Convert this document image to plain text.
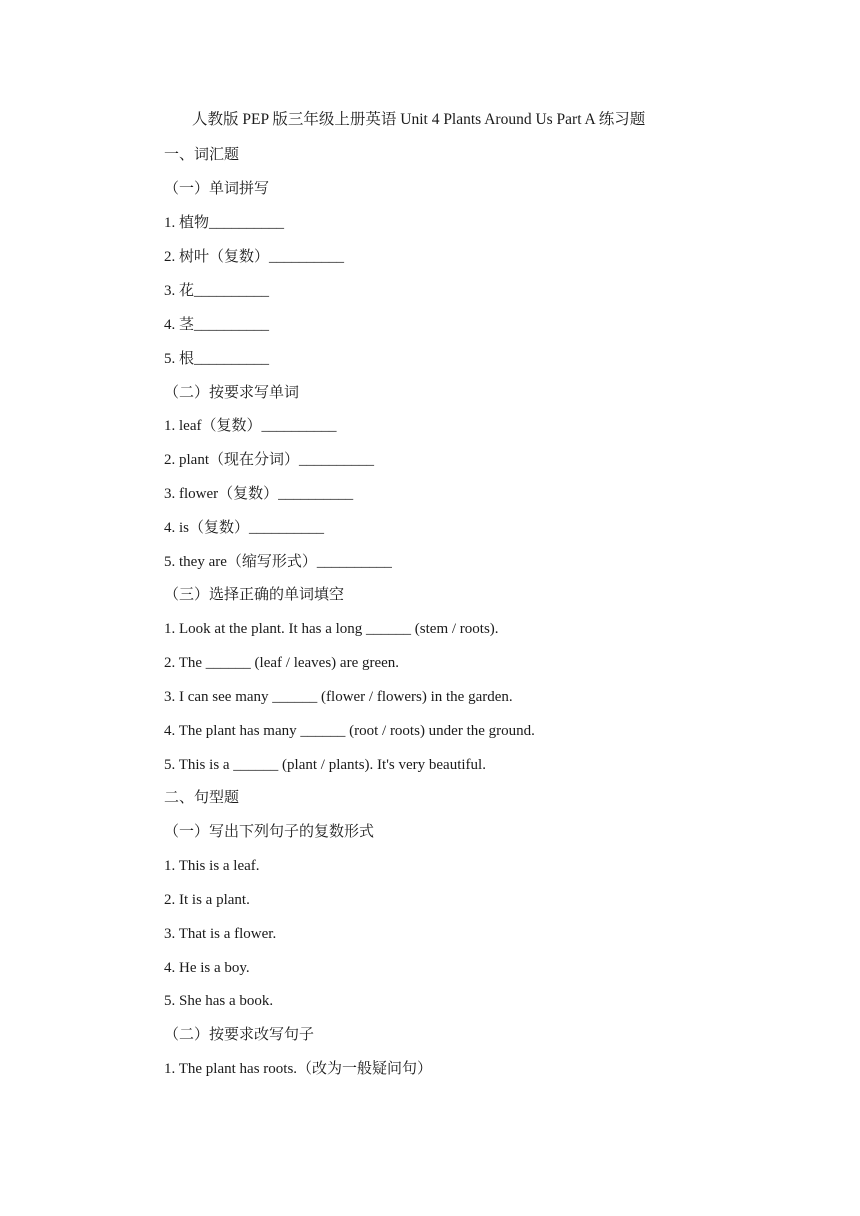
人教版 PEP 版三年级上册英语 Unit 4 Plants Around Us Part A 练习题
一、词汇题
（一）单词拼写
1. 植物__________
2. 树叶（复数）__________
3. 花__________
4. 茎__________
5. 根__________
（二）按要求写单词
1. leaf（复数）__________
2. plant（现在分词）__________
3. flower（复数）__________
4. is（复数）__________
5. they are（缩写形式）__________
（三）选择正确的单词填空
1. Look at the plant. It has a long ______ (stem / roots).
2. The ______ (leaf / leaves) are green.
3. I can see many ______ (flower / flowers) in the garden.
4. The plant has many ______ (root / roots) under the ground.
5. This is a ______ (plant / plants). It's very beautiful.
二、句型题
（一）写出下列句子的复数形式
1. This is a leaf.
2. It is a plant.
3. That is a flower.
4. He is a boy.
5. She has a book.
（二）按要求改写句子
1. The plant has roots.（改为一般疑问句）
